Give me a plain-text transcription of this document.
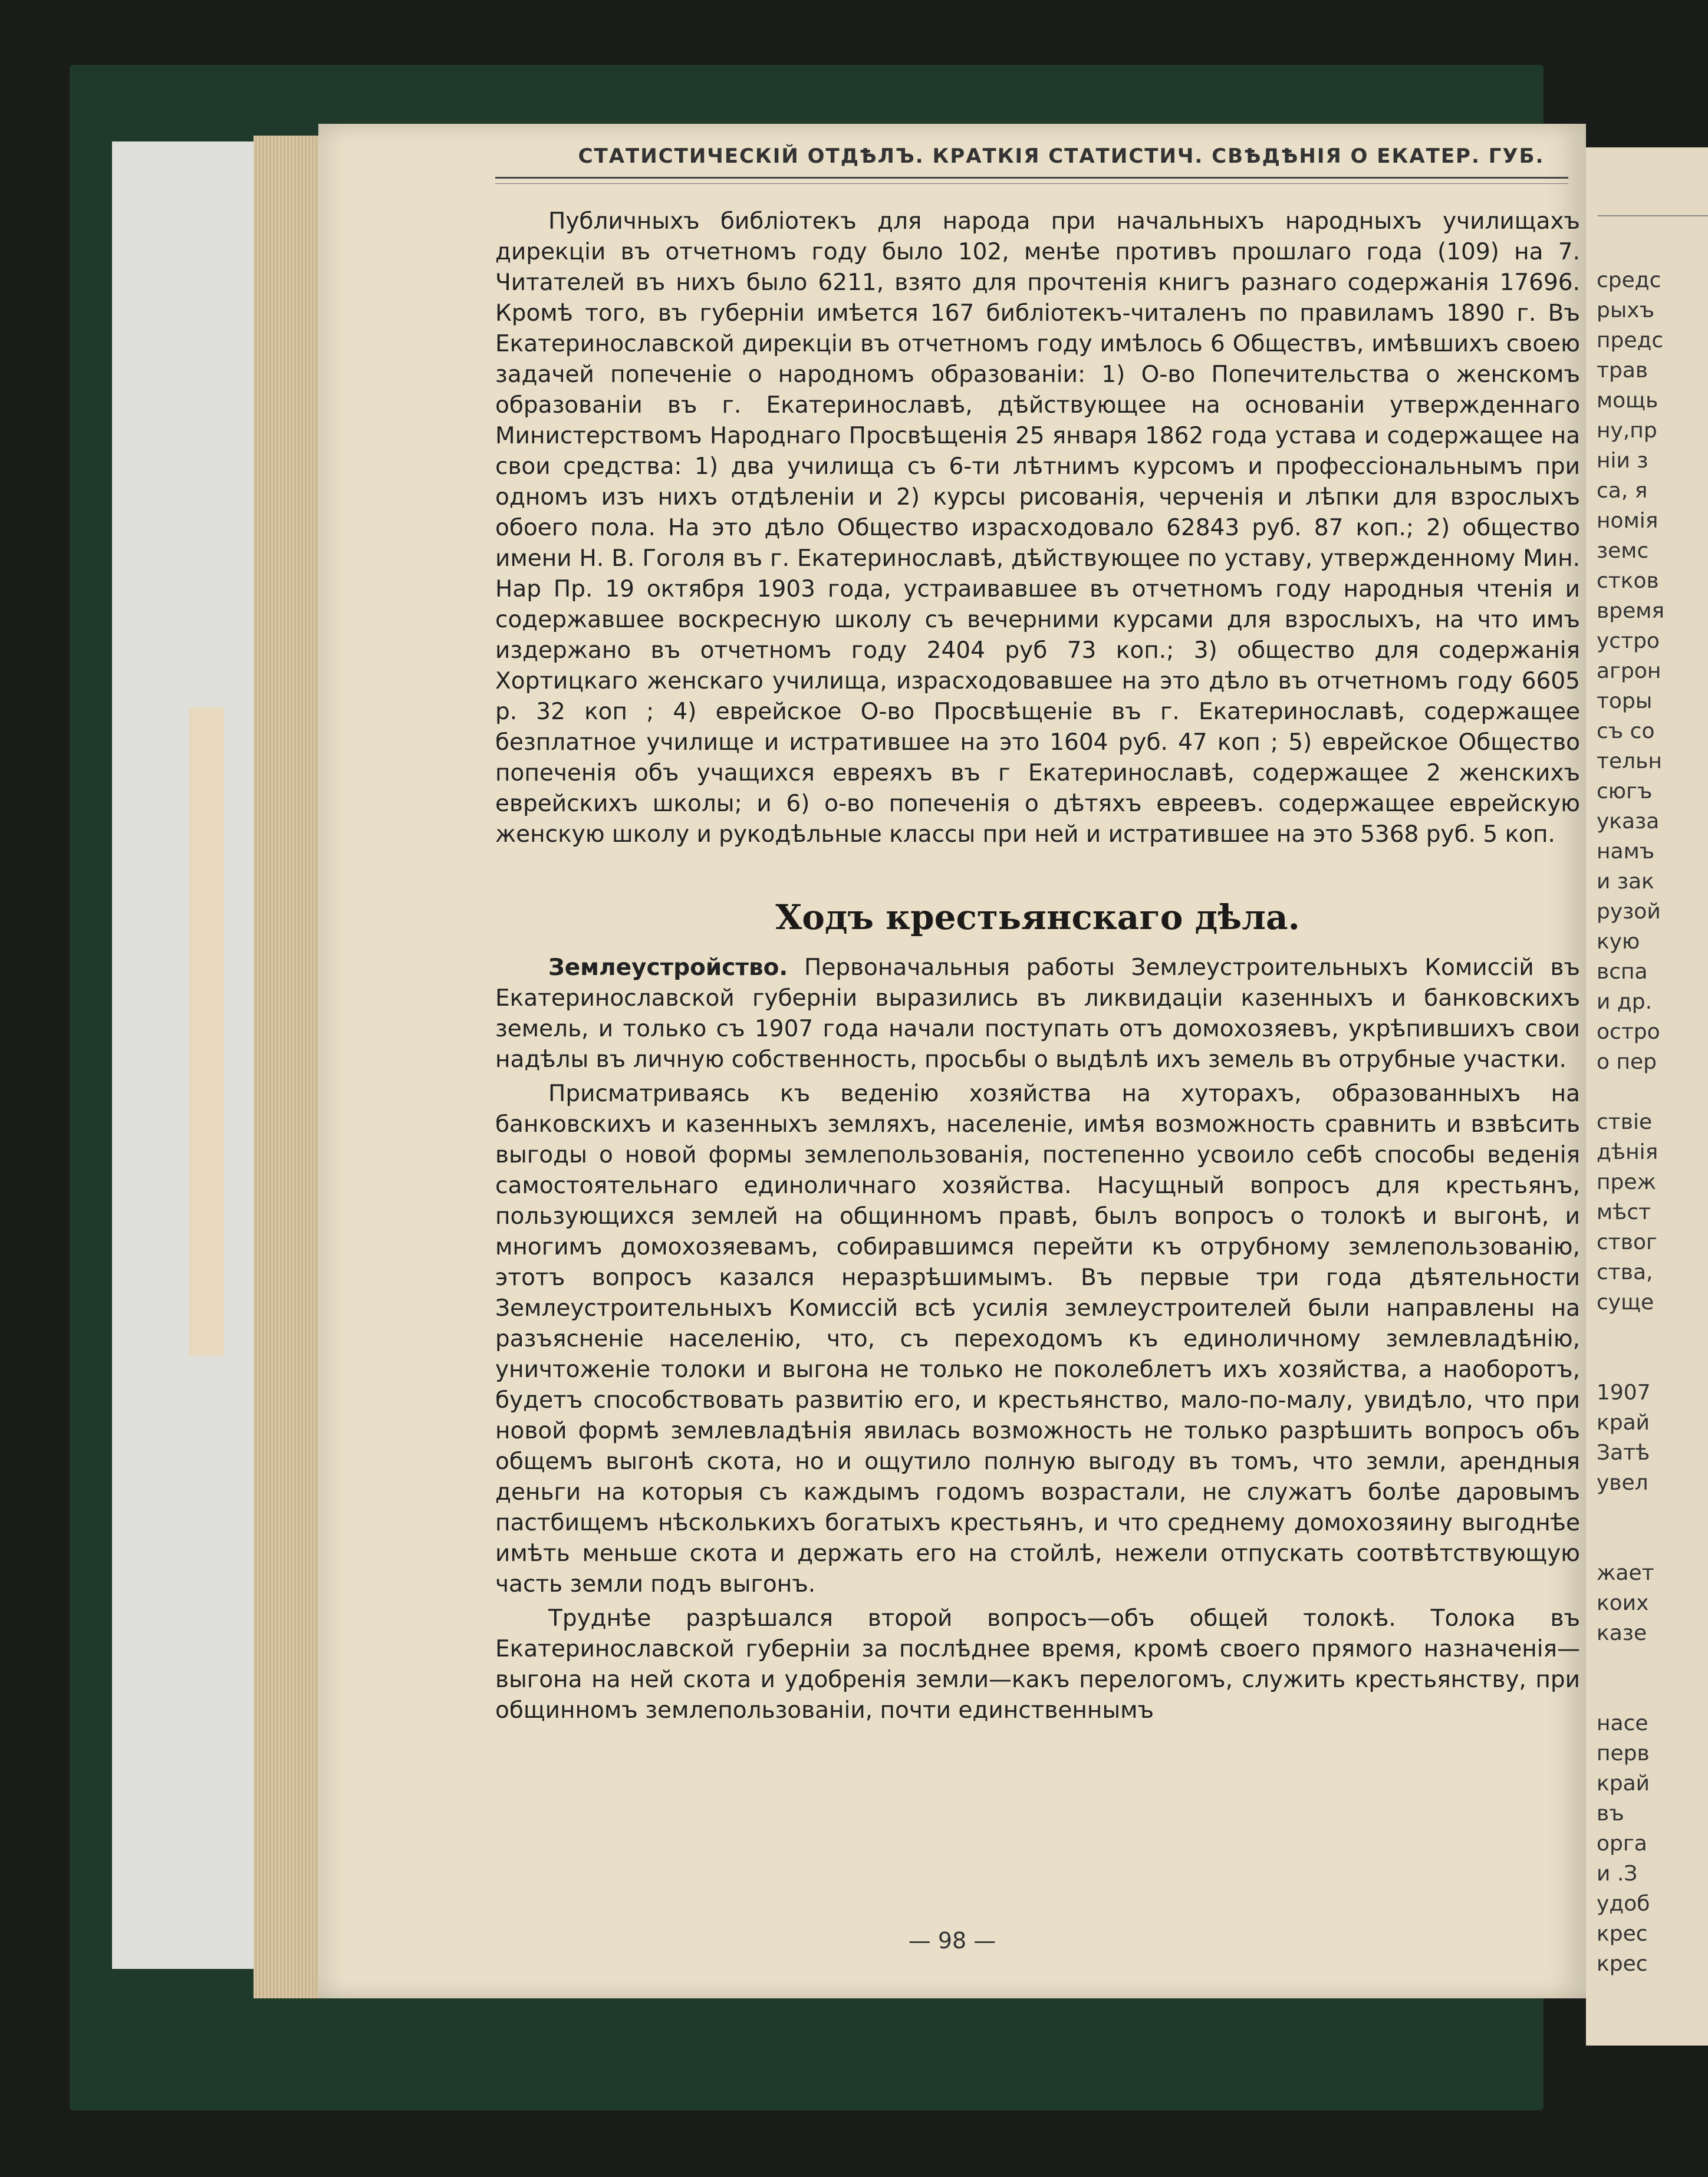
СТАТИСТИЧЕСКІЙ ОТДѢЛЪ. КРАТКІЯ СТАТИСТИЧ. СВѢДѢНІЯ О ЕКАТЕР. ГУБ.

Публичныхъ библіотекъ для народа при начальныхъ народныхъ училищахъ дирекціи въ отчетномъ году было 102, менѣе противъ прошлаго года (109) на 7. Читателей въ нихъ было 6211, взято для прочтенія книгъ разнаго содержанія 17696. Кромѣ того, въ губерніи имѣется 167 библіотекъ-читаленъ по правиламъ 1890 г. Въ Екатеринославской дирекціи въ отчетномъ году имѣлось 6 Обществъ, имѣвшихъ своею задачей попеченіе о народномъ образованіи: 1) О-во Попечительства о женскомъ образованіи въ г. Екатеринославѣ, дѣйствующее на основаніи утвержденнаго Министерствомъ Народнаго Просвѣщенія 25 января 1862 года устава и содержащее на свои средства: 1) два училища съ 6-ти лѣтнимъ курсомъ и профессіональнымъ при одномъ изъ нихъ отдѣленіи и 2) курсы рисованія, черченія и лѣпки для взрослыхъ обоего пола. На это дѣло Общество израсходовало 62843 руб. 87 коп.; 2) общество имени Н. В. Гоголя въ г. Екатеринославѣ, дѣйствующее по уставу, утвержденному Мин. Нар Пр. 19 октября 1903 года, устраивавшее въ отчетномъ году народныя чтенія и содержавшее воскресную школу съ вечерними курсами для взрослыхъ, на что имъ издержано въ отчетномъ году 2404 руб 73 коп.; 3) общество для содержанія Хортицкаго женскаго училища, израсходовавшее на это дѣло въ отчетномъ году 6605 р. 32 коп ; 4) еврейское О-во Просвѣщеніе въ г. Екатеринославѣ, содержащее безплатное училище и истратившее на это 1604 руб. 47 коп ; 5) еврейское Общество попеченія объ учащихся евреяхъ въ г Екатеринославѣ, содержащее 2 женскихъ еврейскихъ школы; и 6) о-во попеченія о дѣтяхъ евреевъ. содержащее еврейскую женскую школу и рукодѣльные классы при ней и истратившее на это 5368 руб. 5 коп.

Ходъ крестьянскаго дѣла.

Землеустройство. Первоначальныя работы Землеустроительныхъ Комиссій въ Екатеринославской губерніи выразились въ ликвидаціи казенныхъ и банковскихъ земель, и только съ 1907 года начали поступать отъ домохозяевъ, укрѣпившихъ свои надѣлы въ личную собственность, просьбы о выдѣлѣ ихъ земель въ отрубные участки.

Присматриваясь къ веденію хозяйства на хуторахъ, образованныхъ на банковскихъ и казенныхъ земляхъ, населеніе, имѣя возможность сравнить и взвѣсить выгоды о новой формы землепользованія, постепенно усвоило себѣ способы веденія самостоятельнаго единоличнаго хозяйства. Насущный вопросъ для крестьянъ, пользующихся землей на общинномъ правѣ, былъ вопросъ о толокѣ и выгонѣ, и многимъ домохозяевамъ, собиравшимся перейти къ отрубному землепользованію, этотъ вопросъ казался неразрѣшимымъ. Въ первые три года дѣятельности Землеустроительныхъ Комиссій всѣ усилія землеустроителей были направлены на разъясненіе населенію, что, съ переходомъ къ единоличному землевладѣнію, уничтоженіе толоки и выгона не только не поколеблетъ ихъ хозяйства, а наоборотъ, будетъ способствовать развитію его, и крестьянство, мало-по-малу, увидѣло, что при новой формѣ землевладѣнія явилась возможность не только разрѣшить вопросъ объ общемъ выгонѣ скота, но и ощутило полную выгоду въ томъ, что земли, арендныя деньги на которыя съ каждымъ годомъ возрастали, не служатъ болѣе даровымъ пастбищемъ нѣсколькихъ богатыхъ крестьянъ, и что среднему домохозяину выгоднѣе имѣть меньше скота и держать его на стойлѣ, нежели отпускать соотвѣтствующую часть земли подъ выгонъ.

Труднѣе разрѣшался второй вопросъ—объ общей толокѣ. Толока въ Екатеринославской губерніи за послѣднее время, кромѣ своего прямого назначенія—выгона на ней скота и удобренія земли—какъ перелогомъ, служить крестьянству, при общинномъ землепользованіи, почти единственнымъ

— 98 —
средс
рыхъ
предс
трав
мощь
ну,пр
ніи з
са, я
номія
земс
стков
время
устро
агрон
торы
съ со
тельн
сюгъ
указа
намъ
и зак
рузой
кую
вспа
и др.
остро
о пер
ствіе
дѣнія
преж
мѣст
ствог
ства,
суще
1907
край
Затѣ
увел
жает
коих
казе
насе
перв
край
въ
орга
и .З
удоб
крес
крес
